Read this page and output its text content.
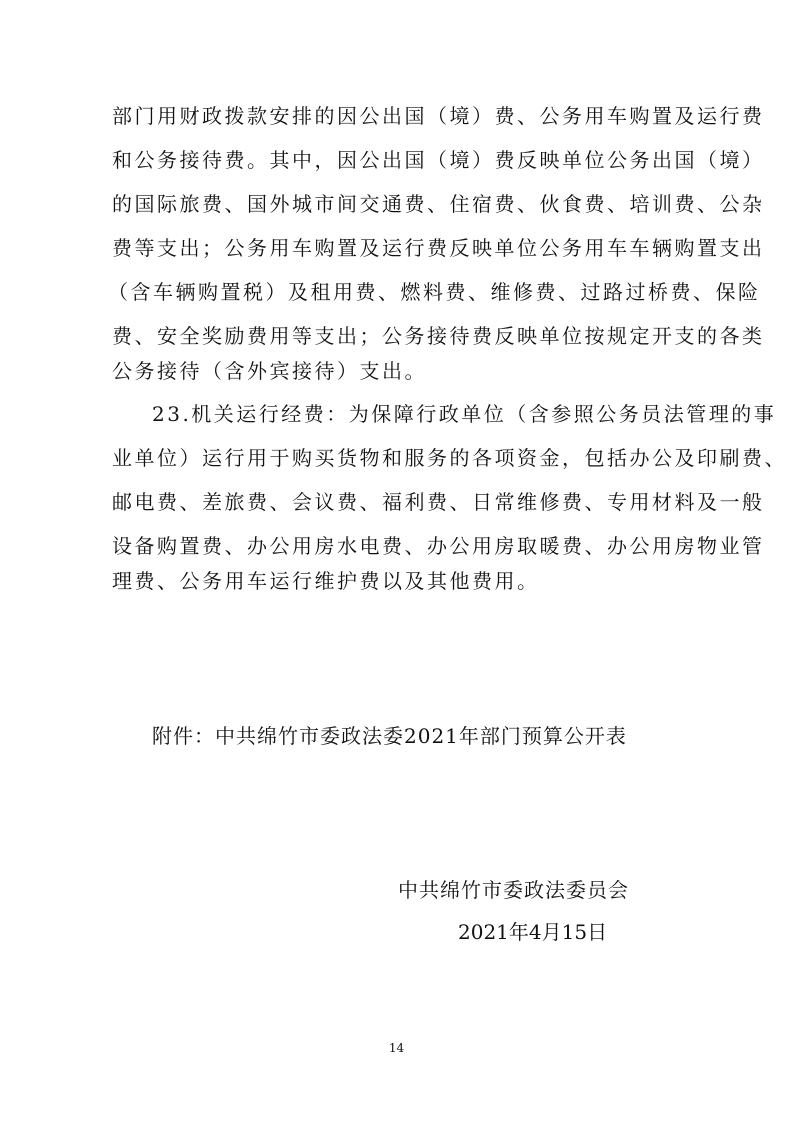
部门用财政拨款安排的因公出国（境）费、公务用车购置及运行费
和公务接待费。其中，因公出国（境）费反映单位公务出国（境）
的国际旅费、国外城市间交通费、住宿费、伙食费、培训费、公杂
费等支出；公务用车购置及运行费反映单位公务用车车辆购置支出
（含车辆购置税）及租用费、燃料费、维修费、过路过桥费、保险
费、安全奖励费用等支出；公务接待费反映单位按规定开支的各类
公务接待（含外宾接待）支出。
23.机关运行经费：为保障行政单位（含参照公务员法管理的事
业单位）运行用于购买货物和服务的各项资金，包括办公及印刷费、
邮电费、差旅费、会议费、福利费、日常维修费、专用材料及一般
设备购置费、办公用房水电费、办公用房取暖费、办公用房物业管
理费、公务用车运行维护费以及其他费用。
附件：中共绵竹市委政法委2021年部门预算公开表
中共绵竹市委政法委员会
2021年4月15日
14
